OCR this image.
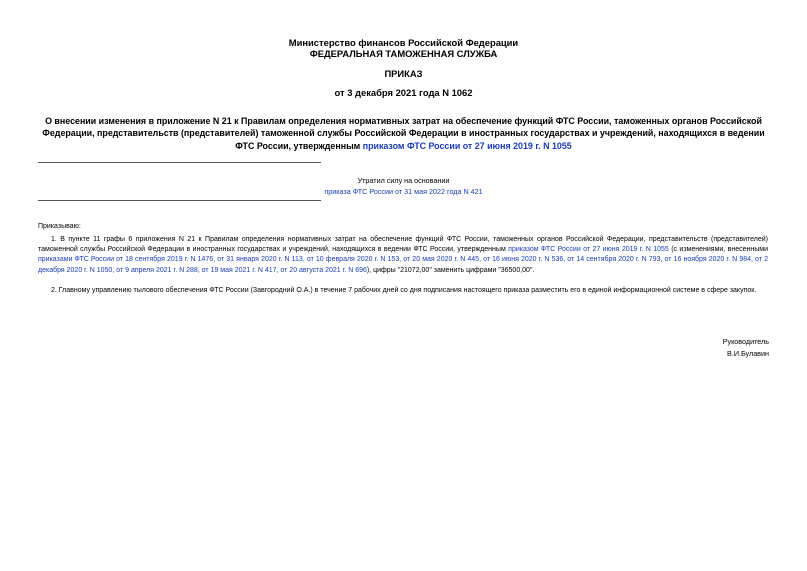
Министерство финансов Российской Федерации
ФЕДЕРАЛЬНАЯ ТАМОЖЕННАЯ СЛУЖБА
ПРИКАЗ
от 3 декабря 2021 года N 1062
О внесении изменения в приложение N 21 к Правилам определения нормативных затрат на обеспечение функций ФТС России, таможенных органов Российской Федерации, представительств (представителей) таможенной службы Российской Федерации в иностранных государствах и учреждений, находящихся в ведении ФТС России, утвержденным приказом ФТС России от 27 июня 2019 г. N 1055
Утратил силу на основании
приказа ФТС России от 31 мая 2022 года N 421
Приказываю:
1. В пункте 11 графы 6 приложения N 21 к Правилам определения нормативных затрат на обеспечение функций ФТС России, таможенных органов Российской Федерации, представительств (представителей) таможенной службы Российской Федерации в иностранных государствах и учреждений, находящихся в ведении ФТС России, утвержденным приказом ФТС России от 27 июня 2019 г. N 1055 (с изменениями, внесенными приказами ФТС России от 18 сентября 2019 г. N 1476, от 31 января 2020 г. N 113, от 10 февраля 2020 г. N 153, от 20 мая 2020 г. N 445, от 16 июня 2020 г. N 536, от 14 сентября 2020 г. N 793, от 16 ноября 2020 г. N 984, от 2 декабря 2020 г. N 1050, от 9 апреля 2021 г. N 288, от 19 мая 2021 г. N 417, от 20 августа 2021 г. N 696), цифры "21072,00" заменить цифрами "36500,00".
2. Главному управлению тылового обеспечения ФТС России (Завгородний О.А.) в течение 7 рабочих дней со дня подписания настоящего приказа разместить его в единой информационной системе в сфере закупок.
Руководитель
В.И.Булавин
